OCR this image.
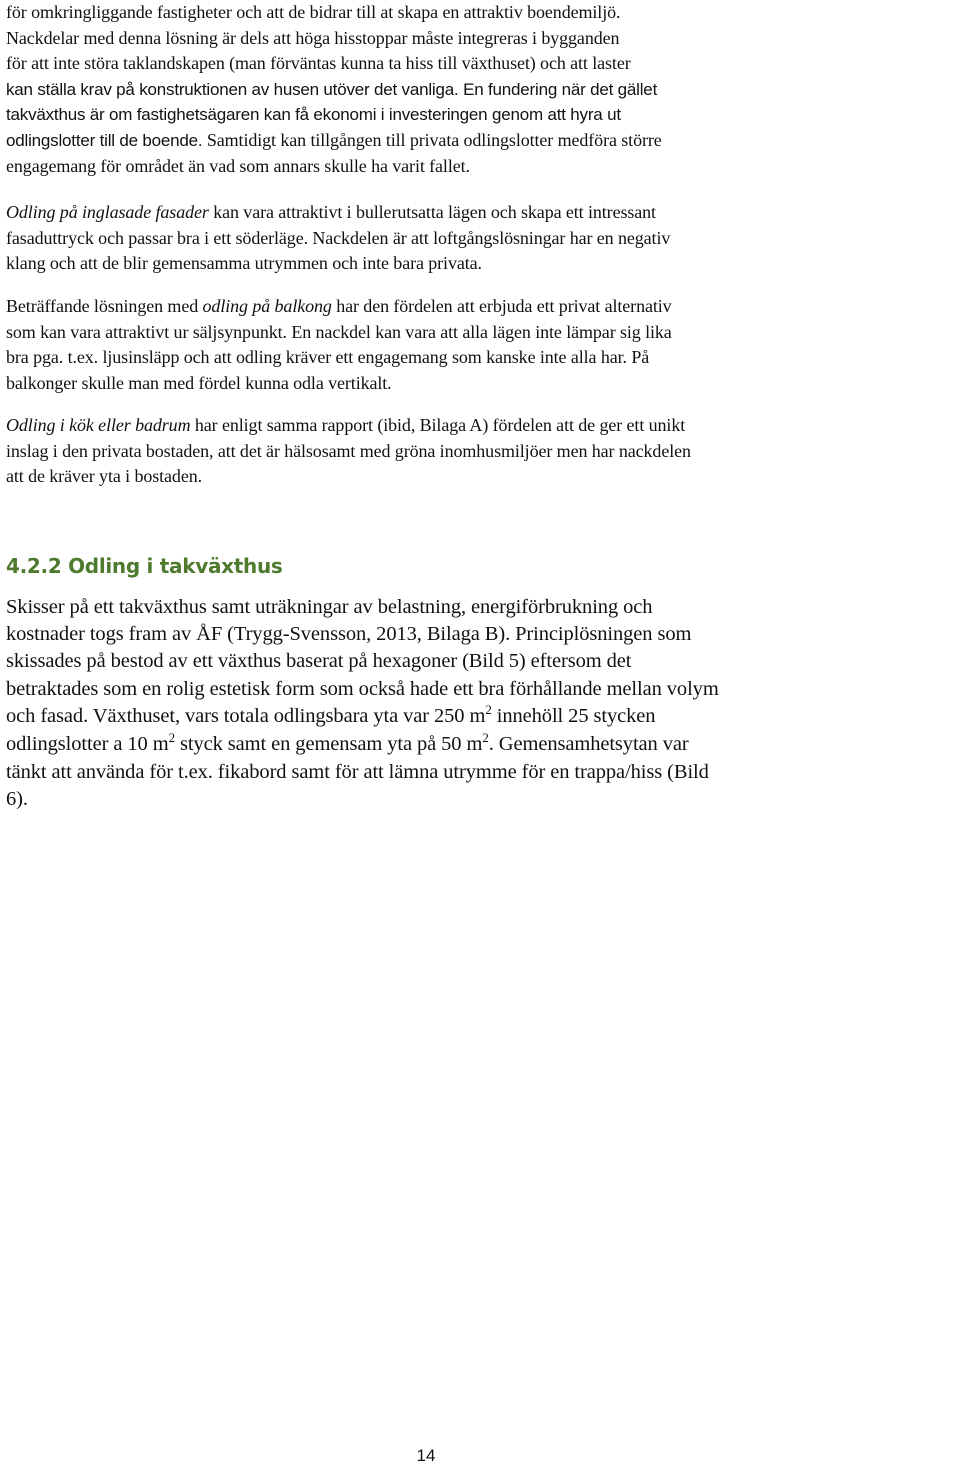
för omkringliggande fastigheter och att de bidrar till at skapa en attraktiv boendemiljö.
Nackdelar med denna lösning är dels att höga hisstoppar måste integreras i bygganden
för att inte störa taklandskapen (man förväntas kunna ta hiss till växthuset) och att laster
kan ställa krav på konstruktionen av husen utöver det vanliga. En fundering när det gället
takväxthus är om fastighetsägaren kan få ekonomi i investeringen genom att hyra ut
odlingslotter till de boende. Samtidigt kan tillgången till privata odlingslotter medföra större
engagemang för området än vad som annars skulle ha varit fallet.

Odling på inglasade fasader kan vara attraktivt i bullerutsatta lägen och skapa ett intressant
fasaduttryck och passar bra i ett söderläge. Nackdelen är att loftgångslösningar har en negativ
klang och att de blir gemensamma utrymmen och inte bara privata.

Beträffande lösningen med odling på balkong har den fördelen att erbjuda ett privat alternativ
som kan vara attraktivt ur säljsynpunkt. En nackdel kan vara att alla lägen inte lämpar sig lika
bra pga. t.ex. ljusinsläpp och att odling kräver ett engagemang som kanske inte alla har. På
balkonger skulle man med fördel kunna odla vertikalt.

Odling i kök eller badrum har enligt samma rapport (ibid, Bilaga A) fördelen att de ger ett unikt
inslag i den privata bostaden, att det är hälsosamt med gröna inomhusmiljöer men har nackdelen
att de kräver yta i bostaden.

4.2.2 Odling i takväxthus

Skisser på ett takväxthus samt uträkningar av belastning, energiförbrukning och
kostnader togs fram av ÅF (Trygg-Svensson, 2013, Bilaga B). Principlösningen som
skissades på bestod av ett växthus baserat på hexagoner (Bild 5) eftersom det
betraktades som en rolig estetisk form som också hade ett bra förhållande mellan volym
och fasad. Växthuset, vars totala odlingsbara yta var 250 $m^2$ innehöll 25 stycken
odlingslotter a 10 $m^2$ styck samt en gemensam yta på 50 $m^2$. Gemensamhetsytan var
tänkt att använda för t.ex. fikabord samt för att lämna utrymme för en trappa/hiss (Bild
6).

14
